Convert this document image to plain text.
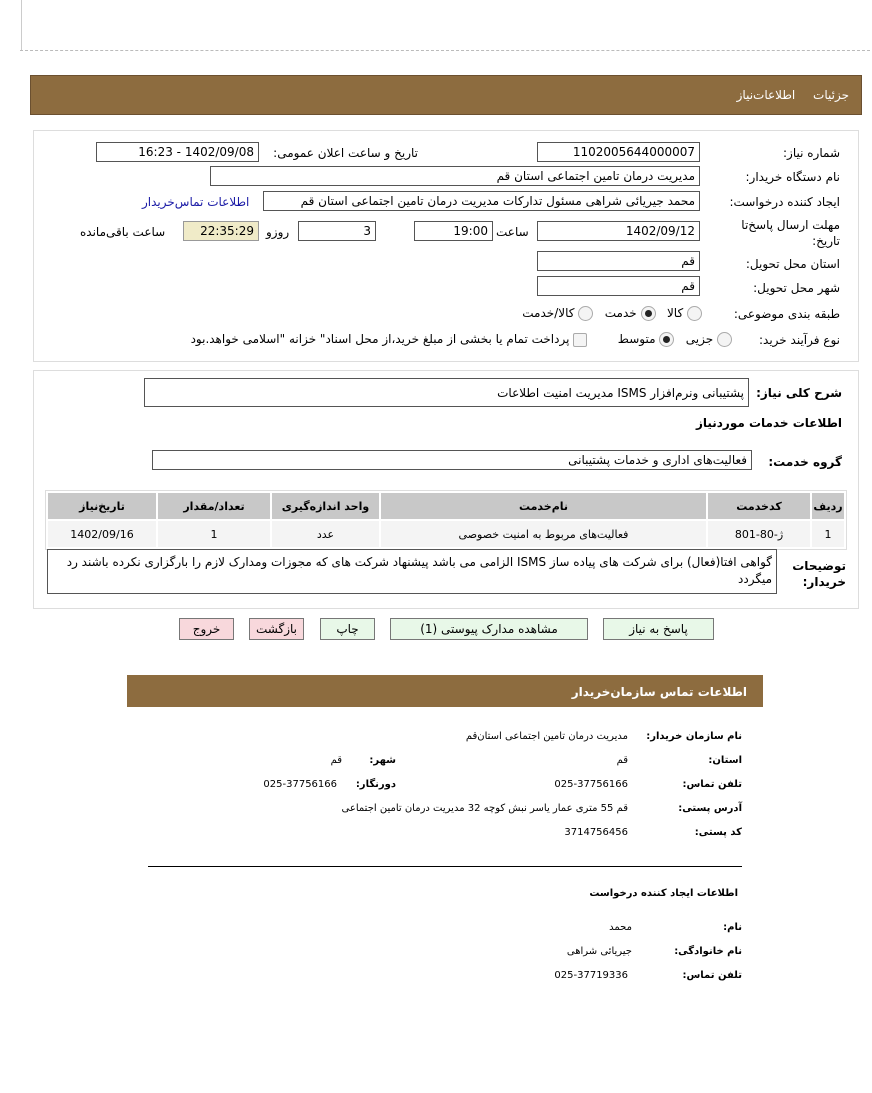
جزئیات اطلاعات‌نیاز
شماره نیاز:
1102005644000007
تاریخ و ساعت اعلان عمومی:
1402/09/08 - 16:23
نام دستگاه خریدار:
مدیریت درمان تامین اجتماعی استان قم
ایجاد کننده درخواست:
محمد جیریائی شراهی مسئول تدارکات مدیریت درمان تامین اجتماعی استان قم
اطلاعات تماس‌خریدار
مهلت ارسال پاسخ‌تا تاریخ:
1402/09/12
ساعت
19:00
3
روزو
22:35:29
ساعت باقی‌مانده
استان محل تحویل:
قم
شهر محل تحویل:
قم
طبقه بندی موضوعی:
کالا    خدمت    کالا/خدمت
نوع فرآیند خرید:
جزیی    متوسط         پرداخت تمام یا بخشی از مبلغ خرید،از محل اسناد" خزانه "اسلامی خواهد.بود
شرح کلی نیاز:
پشتیبانی ونرم‌افزار ISMS مدیریت امنیت اطلاعات
اطلاعات خدمات موردنیاز
گروه خدمت:
فعالیت‌های اداری و خدمات پشتیبانی
ردیف	کدخدمت	نام‌خدمت	واحد اندازه‌گیری	تعداد/مقدار	تاریخ‌نیاز
1	ژ-80-801	فعالیت‌های مربوط به امنیت خصوصی	عدد	1	1402/09/16
توضیحات خریدار:
گواهی افتا(فعال) برای شرکت های پیاده ساز ISMS الزامی می باشد پیشنهاد شرکت های که مجوزات ومدارک لازم را بارگزاری نکرده باشند رد میگردد
پاسخ به نیاز
مشاهده مدارک پیوستی (1)
چاپ
بازگشت
خروج
اطلاعات تماس سازمان‌خریدار
نام سازمان خریدار:
مدیریت درمان تامین اجتماعی استان‌قم
استان:
قم
شهر:
قم
تلفن تماس:
025-37756166
دورنگار:
025-37756166
آدرس پستی:
قم 55 متری عمار یاسر نبش کوچه 32 مدیریت درمان تامین اجتماعی
کد پستی:
3714756456
اطلاعات ایجاد کننده درخواست
نام:
محمد
نام خانوادگی:
جیریائی شراهی
تلفن تماس:
025-37719336
